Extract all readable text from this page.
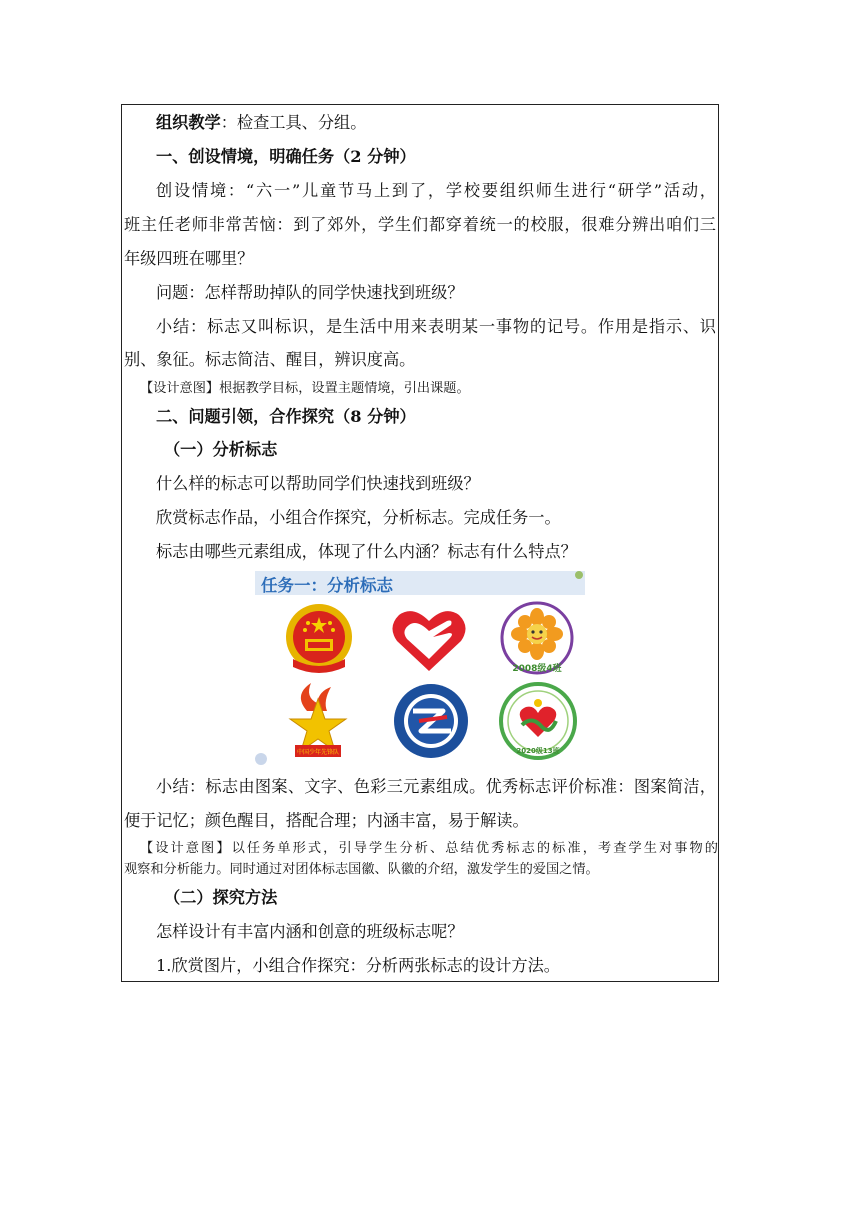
组织教学：检查工具、分组。
一、创设情境，明确任务（2 分钟）
创设情境：“六一”儿童节马上到了，学校要组织师生进行“研学”活动，
班主任老师非常苦恼：到了郊外，学生们都穿着统一的校服，很难分辨出咱们三
年级四班在哪里？
问题：怎样帮助掉队的同学快速找到班级？
小结：标志又叫标识，是生活中用来表明某一事物的记号。作用是指示、识
别、象征。标志简洁、醒目，辨识度高。
【设计意图】根据教学目标，设置主题情境，引出课题。
二、问题引领，合作探究（8 分钟）
（一）分析标志
什么样的标志可以帮助同学们快速找到班级？
欣赏标志作品，小组合作探究，分析标志。完成任务一。
标志由哪些元素组成，体现了什么内涵？标志有什么特点？
任务一：分析标志
2008级4班
中国少年先锋队	2020级13班
小结：标志由图案、文字、色彩三元素组成。优秀标志评价标准：图案简洁，
便于记忆；颜色醒目，搭配合理；内涵丰富，易于解读。
【设计意图】以任务单形式，引导学生分析、总结优秀标志的标准，考查学生对事物的
观察和分析能力。同时通过对团体标志国徽、队徽的介绍，激发学生的爱国之情。
（二）探究方法
怎样设计有丰富内涵和创意的班级标志呢？
1.欣赏图片，小组合作探究：分析两张标志的设计方法。
